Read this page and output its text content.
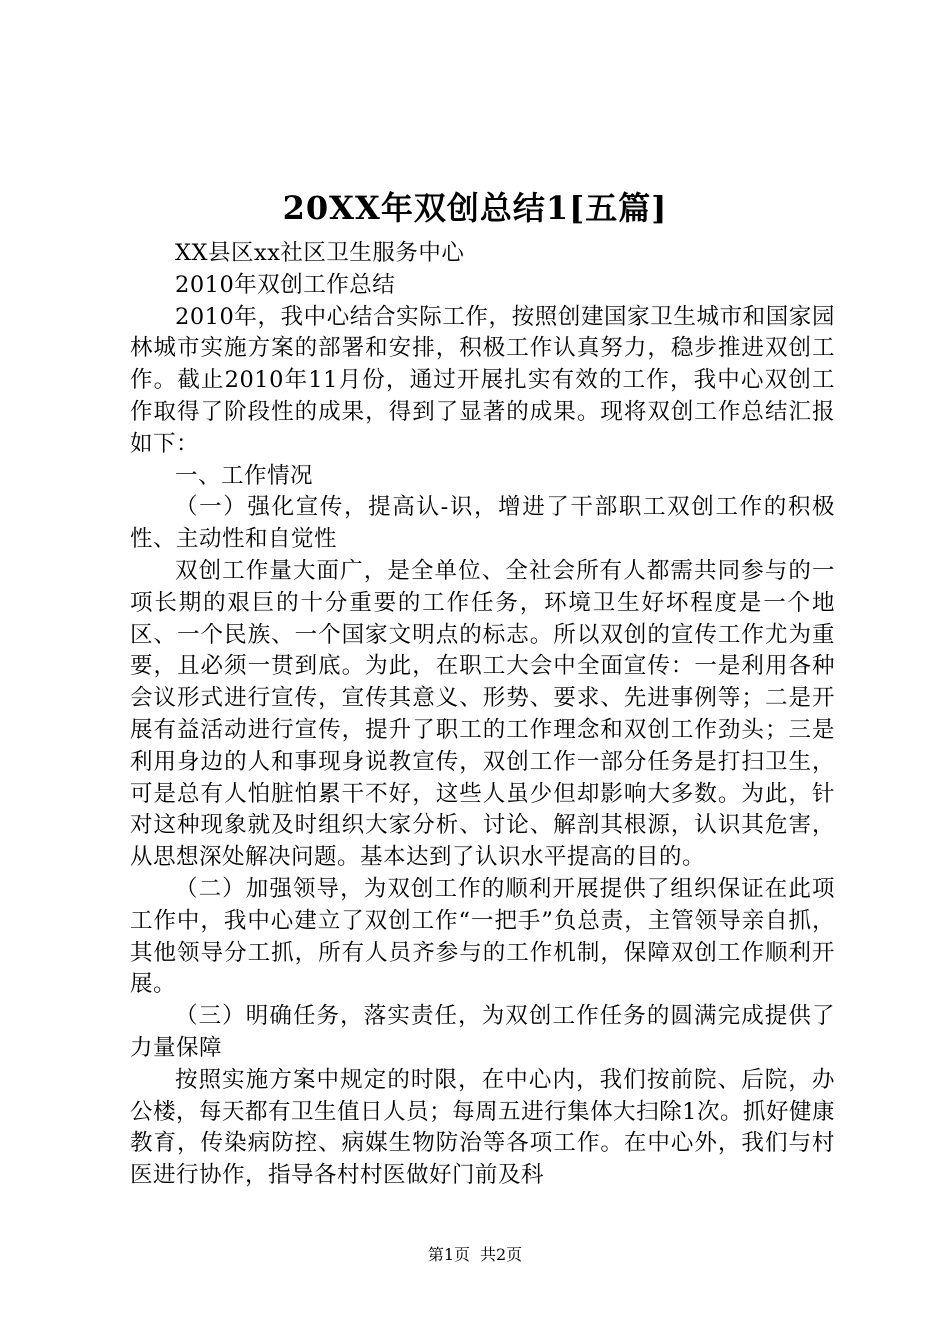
20XX年双创总结1[五篇]

XX县区xx社区卫生服务中心

2010年双创工作总结

2010年，我中心结合实际工作，按照创建国家卫生城市和国家园林城市实施方案的部署和安排，积极工作认真努力，稳步推进双创工作。截止2010年11月份，通过开展扎实有效的工作，我中心双创工作取得了阶段性的成果，得到了显著的成果。现将双创工作总结汇报如下：

一、工作情况

（一）强化宣传，提高认-识，增进了干部职工双创工作的积极性、主动性和自觉性

双创工作量大面广，是全单位、全社会所有人都需共同参与的一项长期的艰巨的十分重要的工作任务，环境卫生好坏程度是一个地区、一个民族、一个国家文明点的标志。所以双创的宣传工作尤为重要，且必须一贯到底。为此，在职工大会中全面宣传：一是利用各种会议形式进行宣传，宣传其意义、形势、要求、先进事例等；二是开展有益活动进行宣传，提升了职工的工作理念和双创工作劲头；三是利用身边的人和事现身说教宣传，双创工作一部分任务是打扫卫生，可是总有人怕脏怕累干不好，这些人虽少但却影响大多数。为此，针对这种现象就及时组织大家分析、讨论、解剖其根源，认识其危害，从思想深处解决问题。基本达到了认识水平提高的目的。

（二）加强领导，为双创工作的顺利开展提供了组织保证在此项工作中，我中心建立了双创工作“一把手”负总责，主管领导亲自抓，其他领导分工抓，所有人员齐参与的工作机制，保障双创工作顺利开展。

（三）明确任务，落实责任，为双创工作任务的圆满完成提供了力量保障

按照实施方案中规定的时限，在中心内，我们按前院、后院，办公楼，每天都有卫生值日人员；每周五进行集体大扫除1次。抓好健康教育，传染病防控、病媒生物防治等各项工作。在中心外，我们与村医进行协作，指导各村村医做好门前及科

第1页 共2页
